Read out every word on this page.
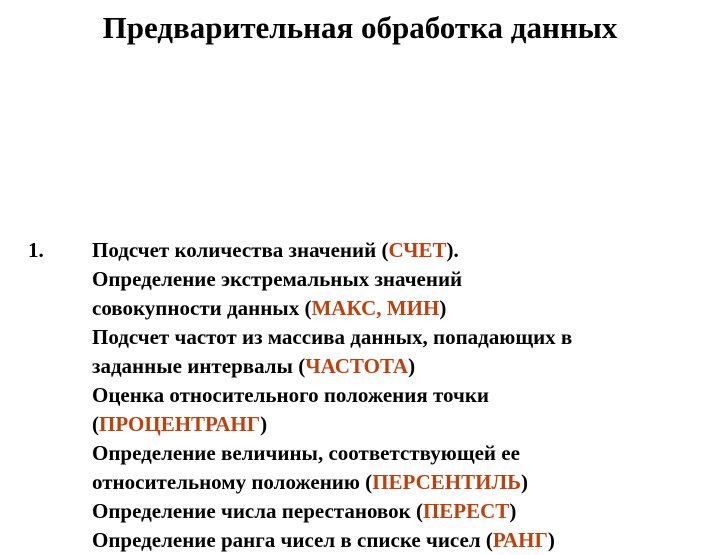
Предварительная обработка данных
1. Подсчет количества значений (СЧЕТ).
Определение экстремальных значений
совокупности данных (МАКС, МИН)
Подсчет частот из массива данных, попадающих в
заданные интервалы (ЧАСТОТА)
Оценка относительного положения точки
(ПРОЦЕНТРАНГ)
Определение величины, соответствующей ее
относительному положению (ПЕРСЕНТИЛЬ)
Определение числа перестановок (ПЕРЕСТ)
Определение ранга чисел в списке чисел (РАНГ)
